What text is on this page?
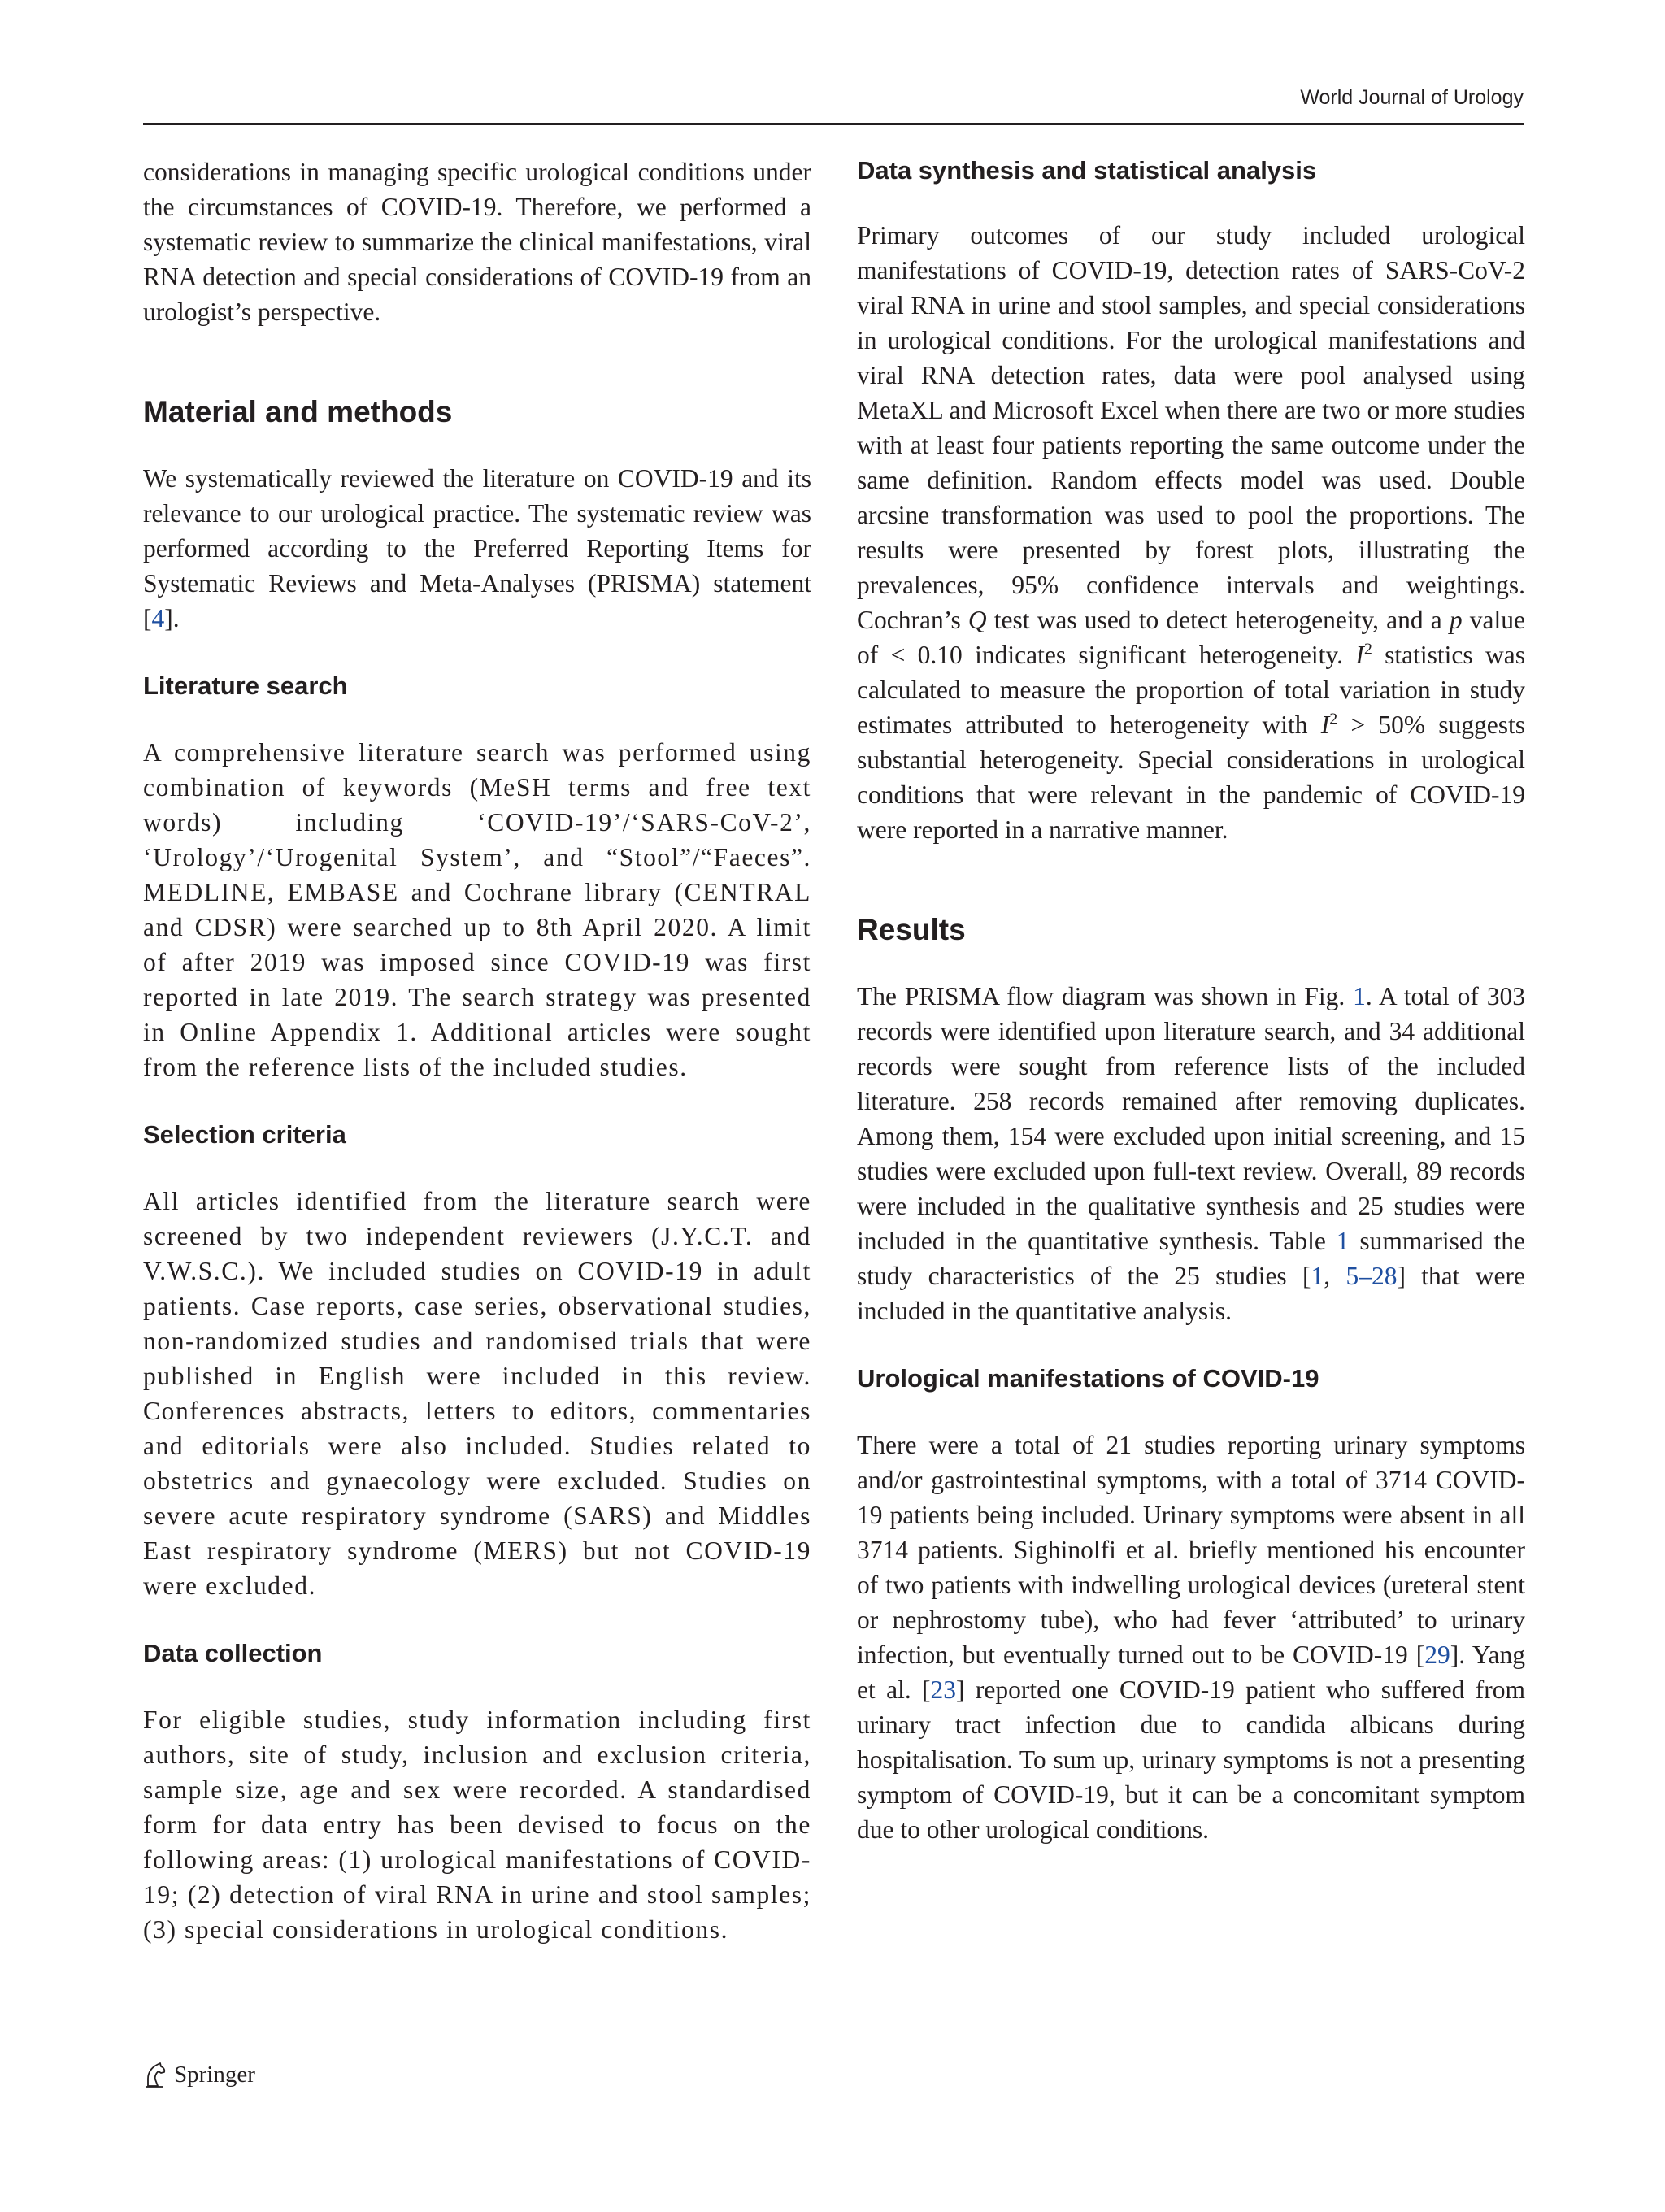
World Journal of Urology

considerations in managing specific urological conditions under the circumstances of COVID-19. Therefore, we performed a systematic review to summarize the clinical manifestations, viral RNA detection and special considerations of COVID-19 from an urologist’s perspective.

Material and methods

We systematically reviewed the literature on COVID-19 and its relevance to our urological practice. The systematic review was performed according to the Preferred Reporting Items for Systematic Reviews and Meta-Analyses (PRISMA) statement [4].

Literature search

A comprehensive literature search was performed using combination of keywords (MeSH terms and free text words) including ‘COVID-19’/‘SARS-CoV-2’, ‘Urology’/‘Urogenital System’, and “Stool”/“Faeces”. MEDLINE, EMBASE and Cochrane library (CENTRAL and CDSR) were searched up to 8th April 2020. A limit of after 2019 was imposed since COVID-19 was first reported in late 2019. The search strategy was presented in Online Appendix 1. Additional articles were sought from the reference lists of the included studies.

Selection criteria

All articles identified from the literature search were screened by two independent reviewers (J.Y.C.T. and V.W.S.C.). We included studies on COVID-19 in adult patients. Case reports, case series, observational studies, non-randomized studies and randomised trials that were published in English were included in this review. Conferences abstracts, letters to editors, commentaries and editorials were also included. Studies related to obstetrics and gynaecology were excluded. Studies on severe acute respiratory syndrome (SARS) and Middles East respiratory syndrome (MERS) but not COVID-19 were excluded.

Data collection

For eligible studies, study information including first authors, site of study, inclusion and exclusion criteria, sample size, age and sex were recorded. A standardised form for data entry has been devised to focus on the following areas: (1) urological manifestations of COVID-19; (2) detection of viral RNA in urine and stool samples; (3) special considerations in urological conditions.

Data synthesis and statistical analysis

Primary outcomes of our study included urological manifestations of COVID-19, detection rates of SARS-CoV-2 viral RNA in urine and stool samples, and special considerations in urological conditions. For the urological manifestations and viral RNA detection rates, data were pool analysed using MetaXL and Microsoft Excel when there are two or more studies with at least four patients reporting the same outcome under the same definition. Random effects model was used. Double arcsine transformation was used to pool the proportions. The results were presented by forest plots, illustrating the prevalences, 95% confidence intervals and weightings. Cochran’s Q test was used to detect heterogeneity, and a p value of < 0.10 indicates significant heterogeneity. $I^2$ statistics was calculated to measure the proportion of total variation in study estimates attributed to heterogeneity with $I^2 > 50\%$ suggests substantial heterogeneity. Special considerations in urological conditions that were relevant in the pandemic of COVID-19 were reported in a narrative manner.

Results

The PRISMA flow diagram was shown in Fig. 1. A total of 303 records were identified upon literature search, and 34 additional records were sought from reference lists of the included literature. 258 records remained after removing duplicates. Among them, 154 were excluded upon initial screening, and 15 studies were excluded upon full-text review. Overall, 89 records were included in the qualitative synthesis and 25 studies were included in the quantitative synthesis. Table 1 summarised the study characteristics of the 25 studies [1, 5–28] that were included in the quantitative analysis.

Urological manifestations of COVID-19

There were a total of 21 studies reporting urinary symptoms and/or gastrointestinal symptoms, with a total of 3714 COVID-19 patients being included. Urinary symptoms were absent in all 3714 patients. Sighinolfi et al. briefly mentioned his encounter of two patients with indwelling urological devices (ureteral stent or nephrostomy tube), who had fever ‘attributed’ to urinary infection, but eventually turned out to be COVID-19 [29]. Yang et al. [23] reported one COVID-19 patient who suffered from urinary tract infection due to candida albicans during hospitalisation. To sum up, urinary symptoms is not a presenting symptom of COVID-19, but it can be a concomitant symptom due to other urological conditions.

Springer
